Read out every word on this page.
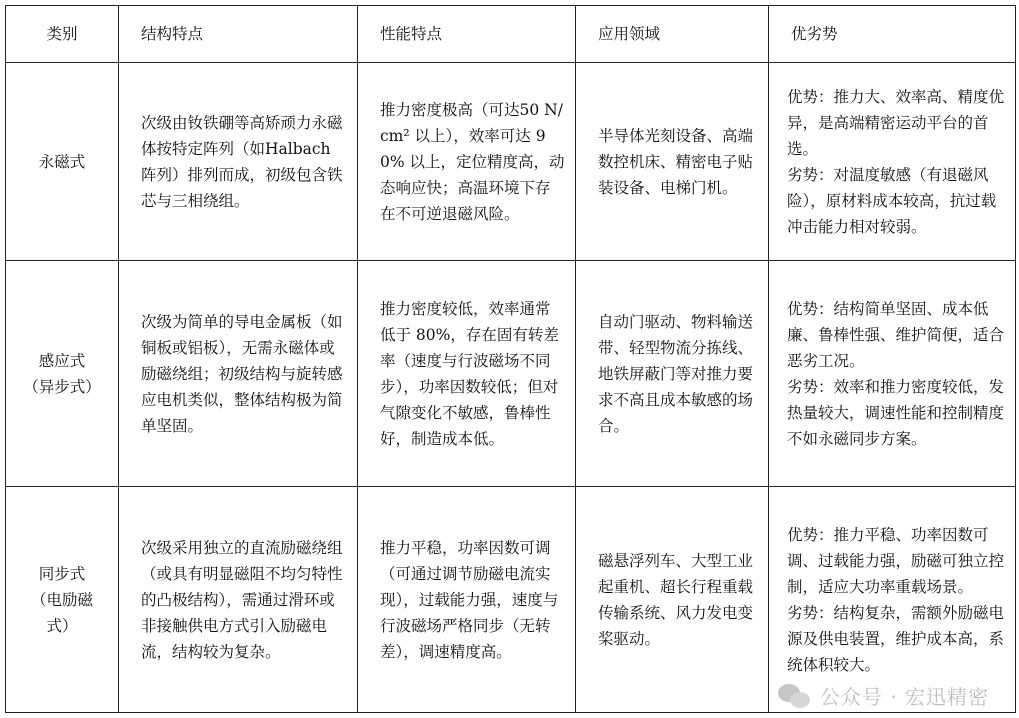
类别	结构特点	性能特点	应用领域	优劣势

永磁式	次级由钕铁硼等高矫顽力永磁体按特定阵列（如Halbach 阵列）排列而成，初级包含铁芯与三相绕组。	推力密度极高（可达50 N/cm² 以上），效率可达 90% 以上，定位精度高，动态响应快；高温环境下存在不可逆退磁风险。	半导体光刻设备、高端数控机床、精密电子贴装设备、电梯门机。	优势：推力大、效率高、精度优异，是高端精密运动平台的首选。
劣势：对温度敏感（有退磁风险），原材料成本较高，抗过载冲击能力相对较弱。

感应式
（异步式）	次级为简单的导电金属板（如铜板或铝板），无需永磁体或励磁绕组；初级结构与旋转感应电机类似，整体结构极为简单坚固。	推力密度较低，效率通常低于 80%，存在固有转差率（速度与行波磁场不同步），功率因数较低；但对气隙变化不敏感，鲁棒性好，制造成本低。	自动门驱动、物料输送带、轻型物流分拣线、地铁屏蔽门等对推力要求不高且成本敏感的场合。	优势：结构简单坚固、成本低廉、鲁棒性强、维护简便，适合恶劣工况。
劣势：效率和推力密度较低，发热量较大，调速性能和控制精度不如永磁同步方案。

同步式
（电励磁
式）	次级采用独立的直流励磁绕组（或具有明显磁阻不均匀特性的凸极结构），需通过滑环或非接触供电方式引入励磁电流，结构较为复杂。	推力平稳，功率因数可调（可通过调节励磁电流实现），过载能力强，速度与行波磁场严格同步（无转差），调速精度高。	磁悬浮列车、大型工业起重机、超长行程重载传输系统、风力发电变桨驱动。	优势：推力平稳、功率因数可调、过载能力强，励磁可独立控制，适应大功率重载场景。
劣势：结构复杂，需额外励磁电源及供电装置，维护成本高，系统体积较大。
公众号 · 宏迅精密
